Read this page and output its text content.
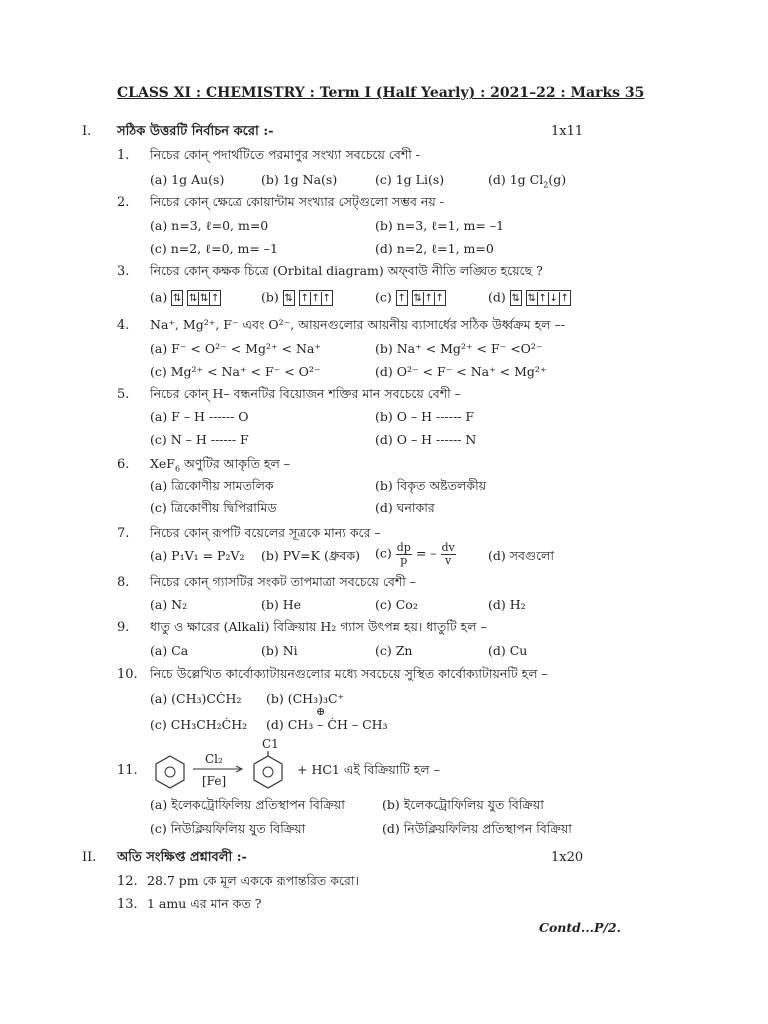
CLASS XI : CHEMISTRY : Term I (Half Yearly) : 2021–22 : Marks 35
I. সঠিক উত্তরটি নির্বাচন করো :-	1x11
1. নিচের কোন্ পদার্থটিতে পরমাণুর সংখ্যা সবচেয়ে বেশী -
(a) 1g Au(s)	(b) 1g Na(s)	(c) 1g Li(s)	(d) 1g $Cl_2(g)$
2. নিচের কোন্ ক্ষেত্রে কোয়ান্টাম সংখ্যার সেট্গুলো সম্ভব নয় -
(a) n=3, ℓ=0, m=0	(b) n=3, ℓ=1, m= –1
(c) n=2, ℓ=0, m= –1	(d) n=2, ℓ=1, m=0
3. নিচের কোন্ কক্ষক চিত্রে (Orbital diagram) অফ্‌বাউ নীতি লঙ্ঘিত হয়েছে ?
(a) ⇅ ⇅ ⇅ ↑	(b) ⇅ ↑ ↑ ↑	(c) ↑ ⇅ ↑ ↑	(d) ⇅ ⇅ ↑ ↓ ↑
4. Na⁺, Mg²⁺, F⁻ এবং O²⁻, আয়নগুলোর আয়নীয় ব্যাসার্ধের সঠিক উর্ধ্বক্রম হল –-
(a) F⁻ < O²⁻ < Mg²⁺ < Na⁺	(b) Na⁺ < Mg²⁺ < F⁻ <O²⁻
(c) Mg²⁺ < Na⁺ < F⁻ < O²⁻	(d) O²⁻ < F⁻ < Na⁺ < Mg²⁺
5. নিচের কোন্ H– বন্ধনটির বিয়োজন শক্তির মান সবচেয়ে বেশী –
(a) F – H ------ O	(b) O – H ------ F
(c) N – H ------ F	(d) O – H ------ N
6. XeF$_6$ অণুটির আকৃতি হল –
(a) ত্রিকোণীয় সামতলিক	(b) বিকৃত অষ্টতলকীয়
(c) ত্রিকোণীয় দ্বিপিরামিড	(d) ঘনাকার
7. নিচের কোন্ রূপটি বয়েলের সূত্রকে মান্য করে –
(a) P₁V₁ = P₂V₂ (b) PV=K (ধ্রুবক) $(c) \frac{dp}{p}$ = – $\frac{dv}{v}$	(d) সবগুলো
8. নিচের কোন্ গ্যাসটির সংকট তাপমাত্রা সবচেয়ে বেশী –
(a) N₂	(b) He	(c) Co₂	(d) H₂
9. ধাতু ও ক্ষারের (Alkali) বিক্রিয়ায় H₂ গ্যাস উৎপন্ন হয়। ধাতুটি হল –
(a) Ca	(b) Ni	(c) Zn	(d) Cu
10. নিচে উল্লেখিত কার্বোক্যাটায়নগুলোর মধ্যে সবচেয়ে সুস্থিত কার্বোক্যাটায়নটি হল –
(a) (CH₃)CĊH₂ (b) (CH₃)₃C⁺
⊕
(c) CH₃CH₂ĊH₂ (d) CH₃ – ĊH – CH₃
11.
Cl₂
[Fe]
C1
+ HC1 এই বিক্রিয়াটি হল –
(a) ইলেকট্রোফিলিয় প্রতিস্থাপন বিক্রিয়া	(b) ইলেকট্রোফিলিয় যুত বিক্রিয়া
(c) নিউক্লিয়ফিলিয় যুত বিক্রিয়া	(d) নিউক্লিয়ফিলিয় প্রতিস্থাপন বিক্রিয়া
II. অতি সংক্ষিপ্ত প্রশ্নাবলী :-	1x20
12. 28.7 pm কে মূল এককে রূপান্তরিত করো।
13. 1 amu এর মান কত ?
Contd...P/2.
